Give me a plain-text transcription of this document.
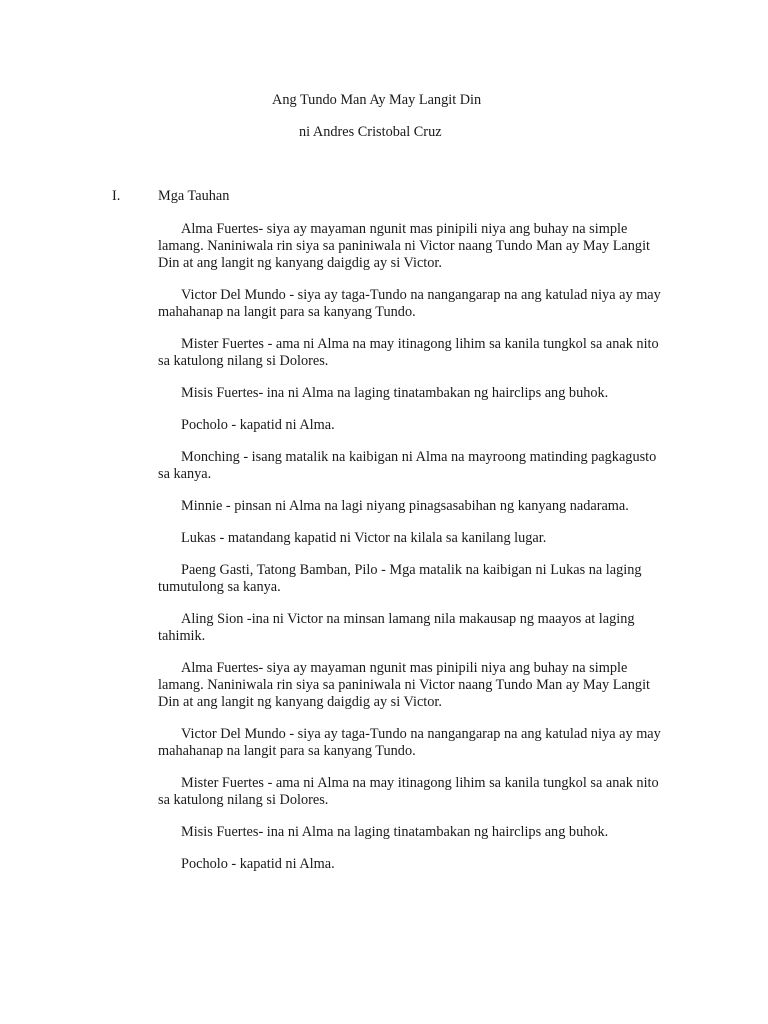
Ang Tundo Man Ay May Langit Din
ni Andres Cristobal Cruz
I.	Mga Tauhan

Alma Fuertes- siya ay mayaman ngunit mas pinipili niya ang buhay na simple lamang. Naniniwala rin siya sa paniniwala ni Victor naang Tundo Man ay May Langit Din at ang langit ng kanyang daigdig ay si Victor.

Victor Del Mundo - siya ay taga-Tundo na nangangarap na ang katulad niya ay may mahahanap na langit para sa kanyang Tundo.

Mister Fuertes - ama ni Alma na may itinagong lihim sa kanila tungkol sa anak nito sa katulong nilang si Dolores.

Misis Fuertes- ina ni Alma na laging tinatambakan ng hairclips ang buhok.

Pocholo - kapatid ni Alma.

Monching - isang matalik na kaibigan ni Alma na mayroong matinding pagkagusto sa kanya.

Minnie - pinsan ni Alma na lagi niyang pinagsasabihan ng kanyang nadarama.

Lukas - matandang kapatid ni Victor na kilala sa kanilang lugar.

Paeng Gasti, Tatong Bamban, Pilo - Mga matalik na kaibigan ni Lukas na laging tumutulong sa kanya.

Aling Sion -ina ni Victor na minsan lamang nila makausap ng maayos at laging tahimik.

Alma Fuertes- siya ay mayaman ngunit mas pinipili niya ang buhay na simple lamang. Naniniwala rin siya sa paniniwala ni Victor naang Tundo Man ay May Langit Din at ang langit ng kanyang daigdig ay si Victor.

Victor Del Mundo - siya ay taga-Tundo na nangangarap na ang katulad niya ay may mahahanap na langit para sa kanyang Tundo.

Mister Fuertes - ama ni Alma na may itinagong lihim sa kanila tungkol sa anak nito sa katulong nilang si Dolores.

Misis Fuertes- ina ni Alma na laging tinatambakan ng hairclips ang buhok.

Pocholo - kapatid ni Alma.
